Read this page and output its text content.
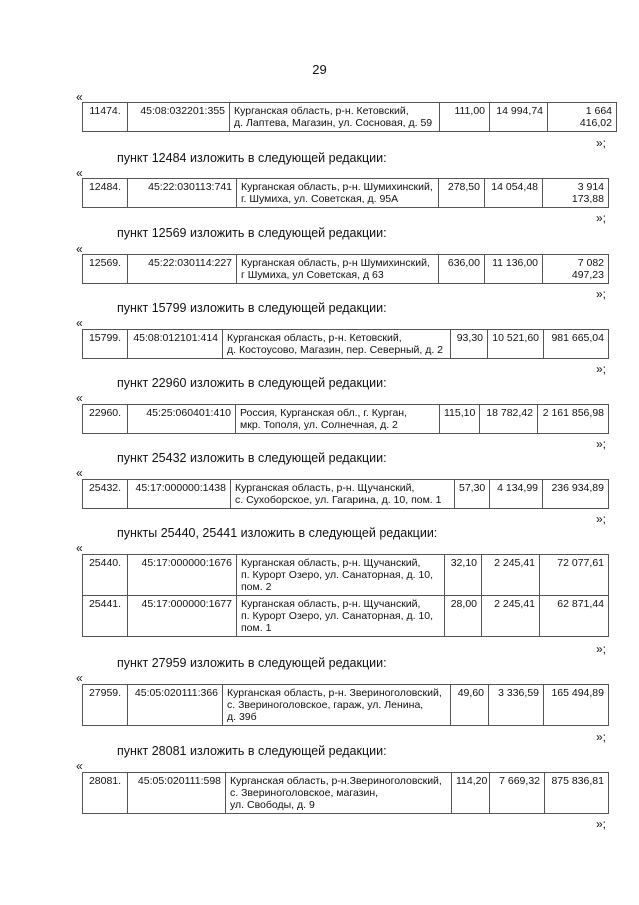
29
«
11474.	45:08:032201:355	Курганская область, р-н. Кетовский,
д. Лаптева, Магазин, ул. Сосновая, д. 59	111,00	14 994,74	1 664 416,02
»;
пункт 12484 изложить в следующей редакции:
«
12484.	45:22:030113:741	Курганская область, р-н. Шумихинский,
г. Шумиха, ул. Советская, д. 95А	278,50	14 054,48	3 914 173,88
»;
пункт 12569 изложить в следующей редакции:
«
12569.	45:22:030114:227	Курганская область, р-н Шумихинский,
г Шумиха, ул Советская, д 63	636,00	11 136,00	7 082 497,23
»;
пункт 15799 изложить в следующей редакции:
«
15799.	45:08:012101:414	Курганская область, р-н. Кетовский,
д. Костоусово, Магазин, пер. Северный, д. 2	93,30	10 521,60	981 665,04
»;
пункт 22960 изложить в следующей редакции:
«
22960.	45:25:060401:410	Россия, Курганская обл., г. Курган,
мкр. Тополя, ул. Солнечная, д. 2	115,10	18 782,42	2 161 856,98
»;
пункт 25432 изложить в следующей редакции:
«
25432.	45:17:000000:1438	Курганская область, р-н. Щучанский,
с. Сухоборское, ул. Гагарина, д. 10, пом. 1	57,30	4 134,99	236 934,89
»;
пункты 25440, 25441 изложить в следующей редакции:
«
25440.	45:17:000000:1676	Курганская область, р-н. Щучанский,
п. Курорт Озеро, ул. Санаторная, д. 10,
пом. 2	32,10	2 245,41	72 077,61
25441.	45:17:000000:1677	Курганская область, р-н. Щучанский,
п. Курорт Озеро, ул. Санаторная, д. 10,
пом. 1	28,00	2 245,41	62 871,44
»;
пункт 27959 изложить в следующей редакции:
«
27959.	45:05:020111:366	Курганская область, р-н. Звериноголовский,
с. Звериноголовское, гараж, ул. Ленина,
д. 39б	49,60	3 336,59	165 494,89
»;
пункт 28081 изложить в следующей редакции:
«
28081.	45:05:020111:598	Курганская область, р-н.Звериноголовский,
с. Звериноголовское, магазин,
ул. Свободы, д. 9	114,20	7 669,32	875 836,81
»;
